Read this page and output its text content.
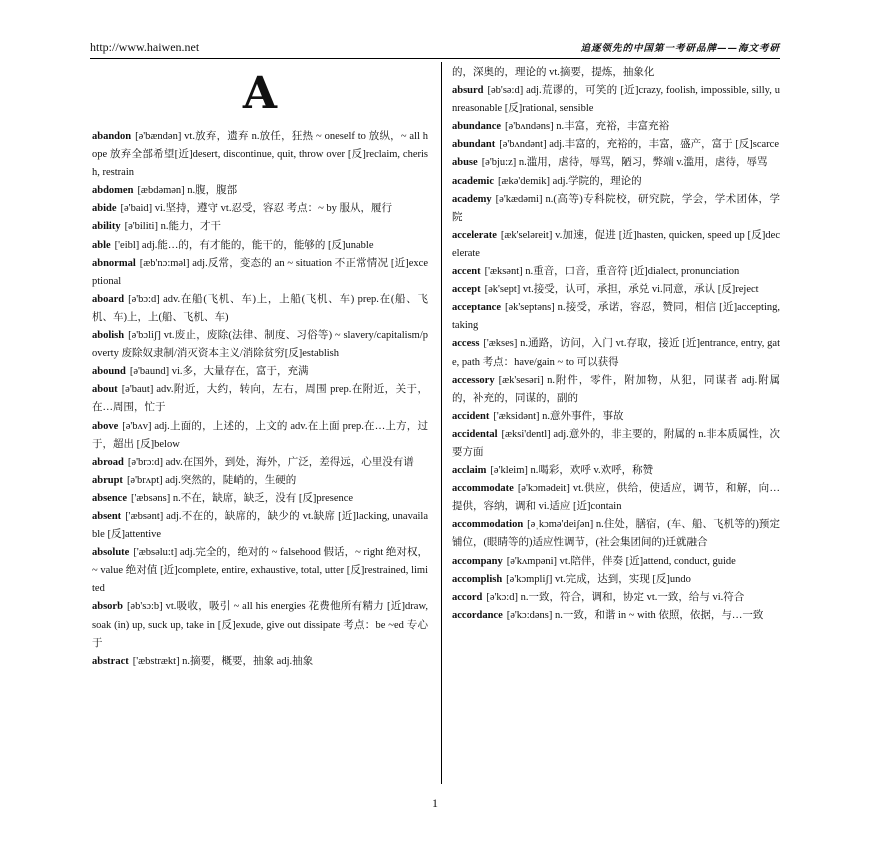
http://www.haiwen.net	追逐领先的中国第一考研品牌——海文考研
A

abandon [ə'bændən] vt.放弃，遗弃 n.放任，狂热 ~ oneself to 放纵，~ all hope 放弃全部希望[近]desert, discontinue, quit, throw over [反]reclaim, cherish, restrain

abdomen [æbdəmən] n.腹，腹部

abide [ə'baid] vi.坚持，遵守 vt.忍受，容忍 考点：~ by 服从，履行

ability [ə'biliti] n.能力，才干

able ['eibl] adj.能…的，有才能的，能干的，能够的 [反]unable

abnormal [æb'nɔ:məl] adj.反常，变态的 an ~ situation 不正常情况 [近]exceptional

aboard [ə'bɔ:d] adv.在船(飞机、车)上，上船(飞机、车) prep.在(船、飞机、车)上，上(船、飞机、车)

abolish [ə'bɔliʃ] vt.废止，废除(法律、制度、习俗等) ~ slavery/capitalism/poverty 废除奴隶制/消灭资本主义/消除贫穷[反]establish

abound [ə'baund] vi.多，大量存在，富于，充满

about [ə'baut] adv.附近，大约，转向，左右，周围 prep.在附近，关于，在…周围，忙于

above [ə'bʌv] adj.上面的，上述的，上文的 adv.在上面 prep.在…上方，过于，超出 [反]below

abroad [ə'brɔ:d] adv.在国外，到处，海外，广泛，差得远，心里没有谱

abrupt [ə'brʌpt] adj.突然的，陡峭的，生硬的

absence ['æbsəns] n.不在，缺席，缺乏，没有 [反]presence

absent ['æbsənt] adj.不在的，缺席的，缺少的 vt.缺席 [近]lacking, unavailable [反]attentive

absolute ['æbsəlu:t] adj.完全的，绝对的 ~ falsehood 假话，~ right 绝对权，~ value 绝对值 [近]complete, entire, exhaustive, total, utter [反]restrained, limited

absorb [əb'sɔ:b] vt.吸收，吸引 ~ all his energies 花费他所有精力 [近]draw, soak (in) up, suck up, take in [反]exude, give out dissipate 考点：be ~ed 专心于

abstract ['æbstrækt] n.摘要，概要，抽象 adj.抽象

的，深奥的，理论的 vt.摘要，提炼，抽象化

absurd [əb'sə:d] adj.荒谬的，可笑的 [近]crazy, foolish, impossible, silly, unreasonable [反]rational, sensible

abundance [ə'bʌndəns] n.丰富，充裕，丰富充裕

abundant [ə'bʌndənt] adj.丰富的，充裕的，丰富，盛产，富于 [反]scarce

abuse [ə'bju:z] n.滥用，虐待，辱骂，陋习，弊端 v.滥用，虐待，辱骂

academic [ækə'demik] adj.学院的，理论的

academy [ə'kædəmi] n.(高等)专科院校，研究院，学会，学术团体，学院

accelerate [æk'seləreit] v.加速，促进 [近]hasten, quicken, speed up [反]decelerate

accent ['æksənt] n.重音，口音，重音符 [近]dialect, pronunciation

accept [ək'sept] vt.接受，认可，承担，承兑 vi.同意，承认 [反]reject

acceptance [ək'septəns] n.接受，承诺，容忍，赞同，相信 [近]accepting, taking

access ['ækses] n.通路，访问，入门 vt.存取，接近 [近]entrance, entry, gate, path 考点：have/gain ~ to 可以获得

accessory [æk'sesəri] n.附件，零件，附加物，从犯，同谋者 adj.附属的，补充的，同谋的，副的

accident ['æksidənt] n.意外事件，事故

accidental [æksi'dentl] adj.意外的，非主要的，附属的 n.非本质属性，次要方面

acclaim [ə'kleim] n.喝彩，欢呼 v.欢呼，称赞

accommodate [ə'kɔmədeit] vt.供应，供给，使适应，调节，和解，向…提供，容纳，调和 vi.适应 [近]contain

accommodation [əˌkɔmə'deiʃən] n.住处，膳宿，(车、船、飞机等的)预定铺位，(眼睛等的)适应性调节，(社会集团间的)迁就融合

accompany [ə'kʌmpəni] vt.陪伴，伴奏 [近]attend, conduct, guide

accomplish [ə'kɔmpliʃ] vt.完成，达到，实现 [反]undo

accord [ə'kɔ:d] n.一致，符合，调和，协定 vt.一致，给与 vi.符合

accordance [ə'kɔ:dəns] n.一致，和谐 in ~ with 依照，依据，与…一致

1
